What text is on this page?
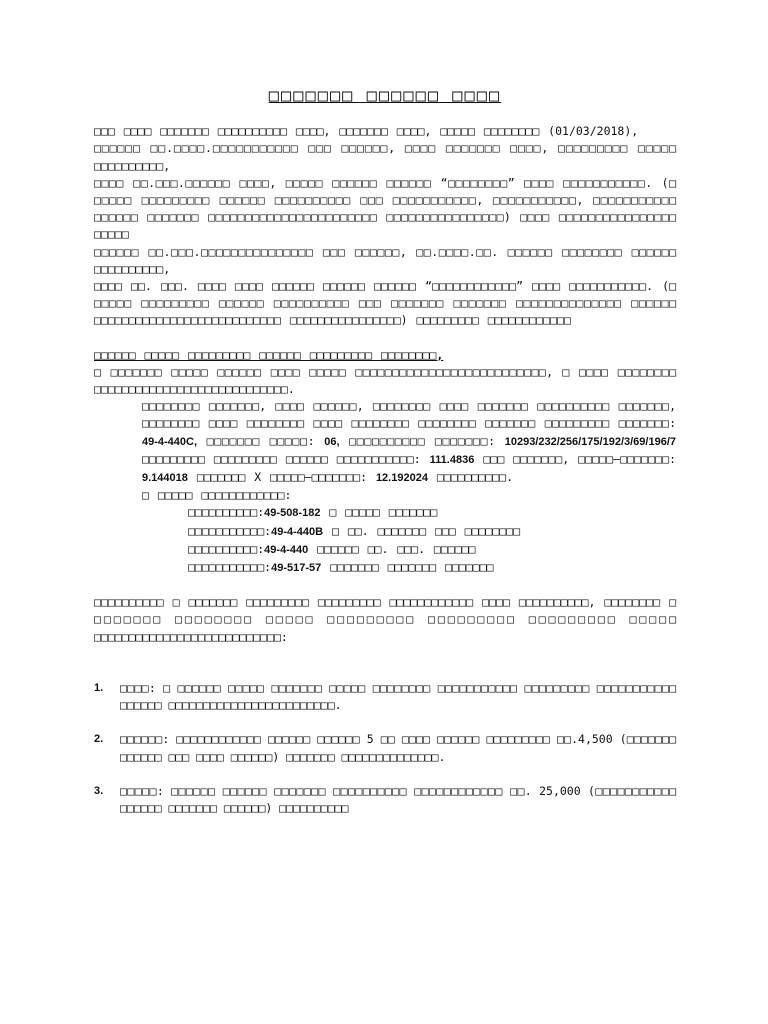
□□□□□□□ □□□□□□ □□□□

□□□ □□□□ □□□□□□□ □□□□□□□□□□ □□□□, □□□□□□□ □□□□, □□□□□ □□□□□□□□ (01/03/2018),

□□□□□□ □□.□□□□.□□□□□□□□□□□ □□□ □□□□□□, □□□□ □□□□□□□ □□□□, □□□□□□□□□ □□□□□ □□□□□□□□□□,

□□□□ □□.□□□.□□□□□□ □□□□, □□□□□ □□□□□□ □□□□□□ “□□□□□□□□” □□□□ □□□□□□□□□□□. (□ □□□□□ □□□□□□□□□ □□□□□□ □□□□□□□□□□ □□□ □□□□□□□□□□□, □□□□□□□□□□□, □□□□□□□□□□□ □□□□□□ □□□□□□□ □□□□□□□□□□□□□□□□□□□□□□□ □□□□□□□□□□□□□□□□) □□□□ □□□□□□□□□□□□□□□□ □□□□□

□□□□□□ □□.□□□.□□□□□□□□□□□□□□□ □□□ □□□□□□, □□.□□□□.□□. □□□□□□ □□□□□□□□ □□□□□□ □□□□□□□□□□,

□□□□ □□. □□□. □□□□ □□□□ □□□□□□ □□□□□□ □□□□□□ “□□□□□□□□□□□□” □□□□ □□□□□□□□□□□. (□ □□□□□ □□□□□□□□□ □□□□□□ □□□□□□□□□□ □□□ □□□□□□□ □□□□□□□ □□□□□□□□□□□□□□ □□□□□□ □□□□□□□□□□□□□□□□□□□□□□□□□□□ □□□□□□□□□□□□□□□□) □□□□□□□□□ □□□□□□□□□□□□

□□□□□□ □□□□□ □□□□□□□□□ □□□□□□ □□□□□□□□□ □□□□□□□□,

□ □□□□□□□ □□□□□ □□□□□□ □□□□ □□□□□ □□□□□□□□□□□□□□□□□□□□□□□□□□, □ □□□□ □□□□□□□□ □□□□□□□□□□□□□□□□□□□□□□□□□□□□.

□□□□□□□□ □□□□□□□, □□□□ □□□□□□, □□□□□□□□ □□□□ □□□□□□□ □□□□□□□□□□ □□□□□□□, □□□□□□□□ □□□□ □□□□□□□□ □□□□ □□□□□□□□ □□□□□□□□ □□□□□□□ □□□□□□□□□ □□□□□□□: 49-4-440C, □□□□□□□ □□□□□: 06, □□□□□□□□□□ □□□□□□□: 10293/232/256/175/192/3/69/196/7 □□□□□□□□□ □□□□□□□□□ □□□□□□ □□□□□□□□□□□: 111.4836 □□□ □□□□□□□, □□□□□–□□□□□□□: 9.144018 □□□□□□□ X □□□□□–□□□□□□□: 12.192024 □□□□□□□□□□.

□ □□□□□ □□□□□□□□□□□□:

□□□□□□□□□□:49-508-182 □ □□□□□ □□□□□□□

□□□□□□□□□□□:49-4-440B □ □□. □□□□□□□ □□□ □□□□□□□□

□□□□□□□□□□:49-4-440 □□□□□□ □□. □□□. □□□□□□

□□□□□□□□□□□:49-517-57 □□□□□□□ □□□□□□□ □□□□□□□

□□□□□□□□□□ □ □□□□□□□ □□□□□□□□□ □□□□□□□□□ □□□□□□□□□□□□ □□□□ □□□□□□□□□□, □□□□□□□□ □ □□□□□□□ □□□□□□□□ □□□□□ □□□□□□□□□ □□□□□□□□□ □□□□□□□□□ □□□□□ □□□□□□□□□□□□□□□□□□□□□□□□□□□:

1. □□□□: □ □□□□□□ □□□□□ □□□□□□□ □□□□□ □□□□□□□□ □□□□□□□□□□□ □□□□□□□□□ □□□□□□□□□□□ □□□□□□ □□□□□□□□□□□□□□□□□□□□□□□□.
2. □□□□□□: □□□□□□□□□□□□ □□□□□□ □□□□□□ 5 □□ □□□□ □□□□□□ □□□□□□□□□ □□.4,500 (□□□□□□□ □□□□□□ □□□ □□□□ □□□□□□) □□□□□□□ □□□□□□□□□□□□□□.
3. □□□□□: □□□□□□ □□□□□□ □□□□□□□ □□□□□□□□□□ □□□□□□□□□□□□ □□. 25,000 (□□□□□□□□□□□ □□□□□□ □□□□□□□ □□□□□□) □□□□□□□□□□
